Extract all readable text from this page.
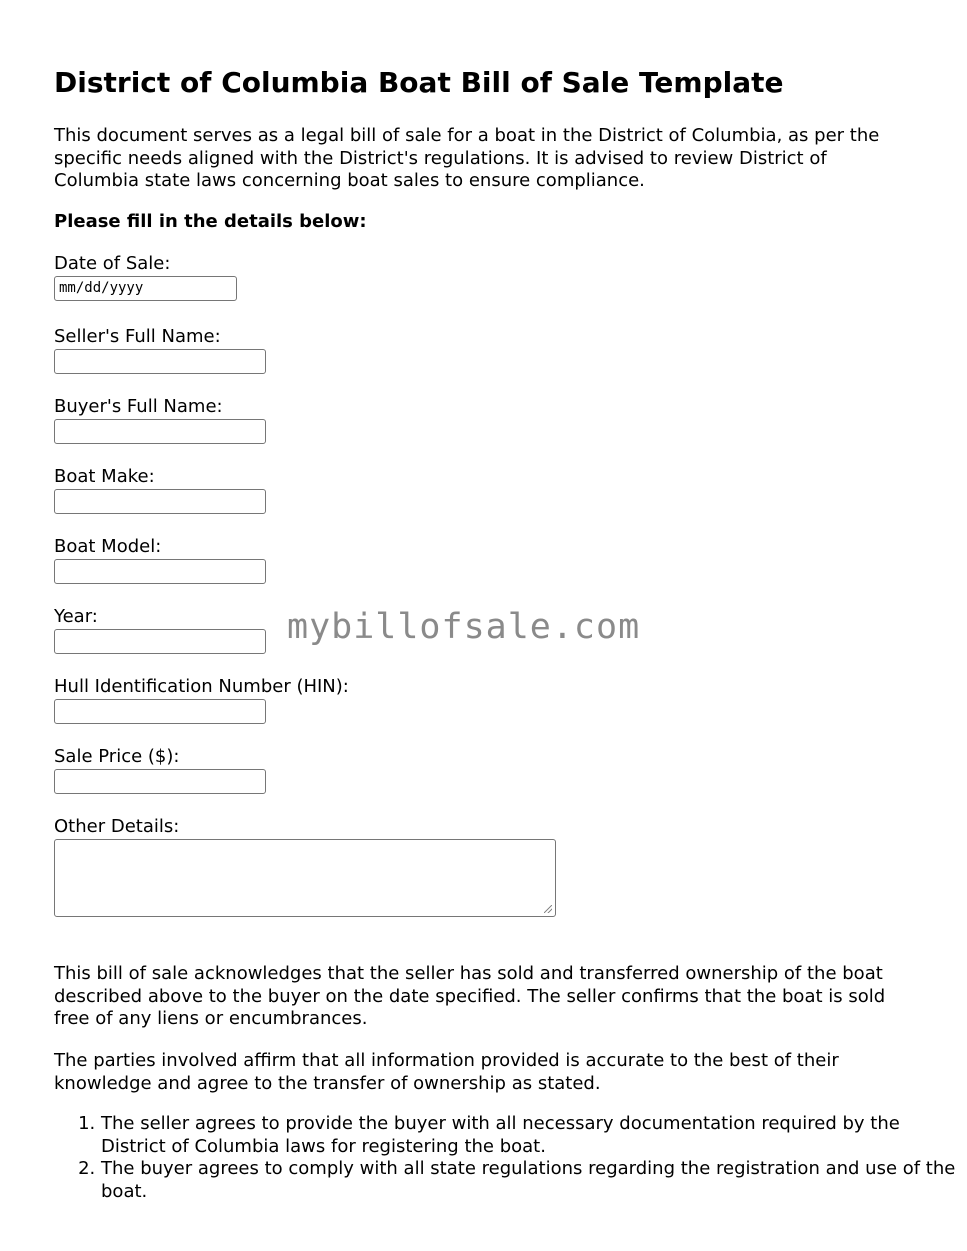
District of Columbia Boat Bill of Sale Template

This document serves as a legal bill of sale for a boat in the District of Columbia, as per the specific needs aligned with the District's regulations. It is advised to review District of Columbia state laws concerning boat sales to ensure compliance.

Please fill in the details below:

Date of Sale:
mm/dd/yyyy
Seller's Full Name:
Buyer's Full Name:
Boat Make:
Boat Model:
Year:
Hull Identification Number (HIN):
Sale Price ($):
Other Details:

This bill of sale acknowledges that the seller has sold and transferred ownership of the boat described above to the buyer on the date specified. The seller confirms that the boat is sold free of any liens or encumbrances.

The parties involved affirm that all information provided is accurate to the best of their knowledge and agree to the transfer of ownership as stated.

1. The seller agrees to provide the buyer with all necessary documentation required by the District of Columbia laws for registering the boat.
2. The buyer agrees to comply with all state regulations regarding the registration and use of the boat.
mybillofsale.com
